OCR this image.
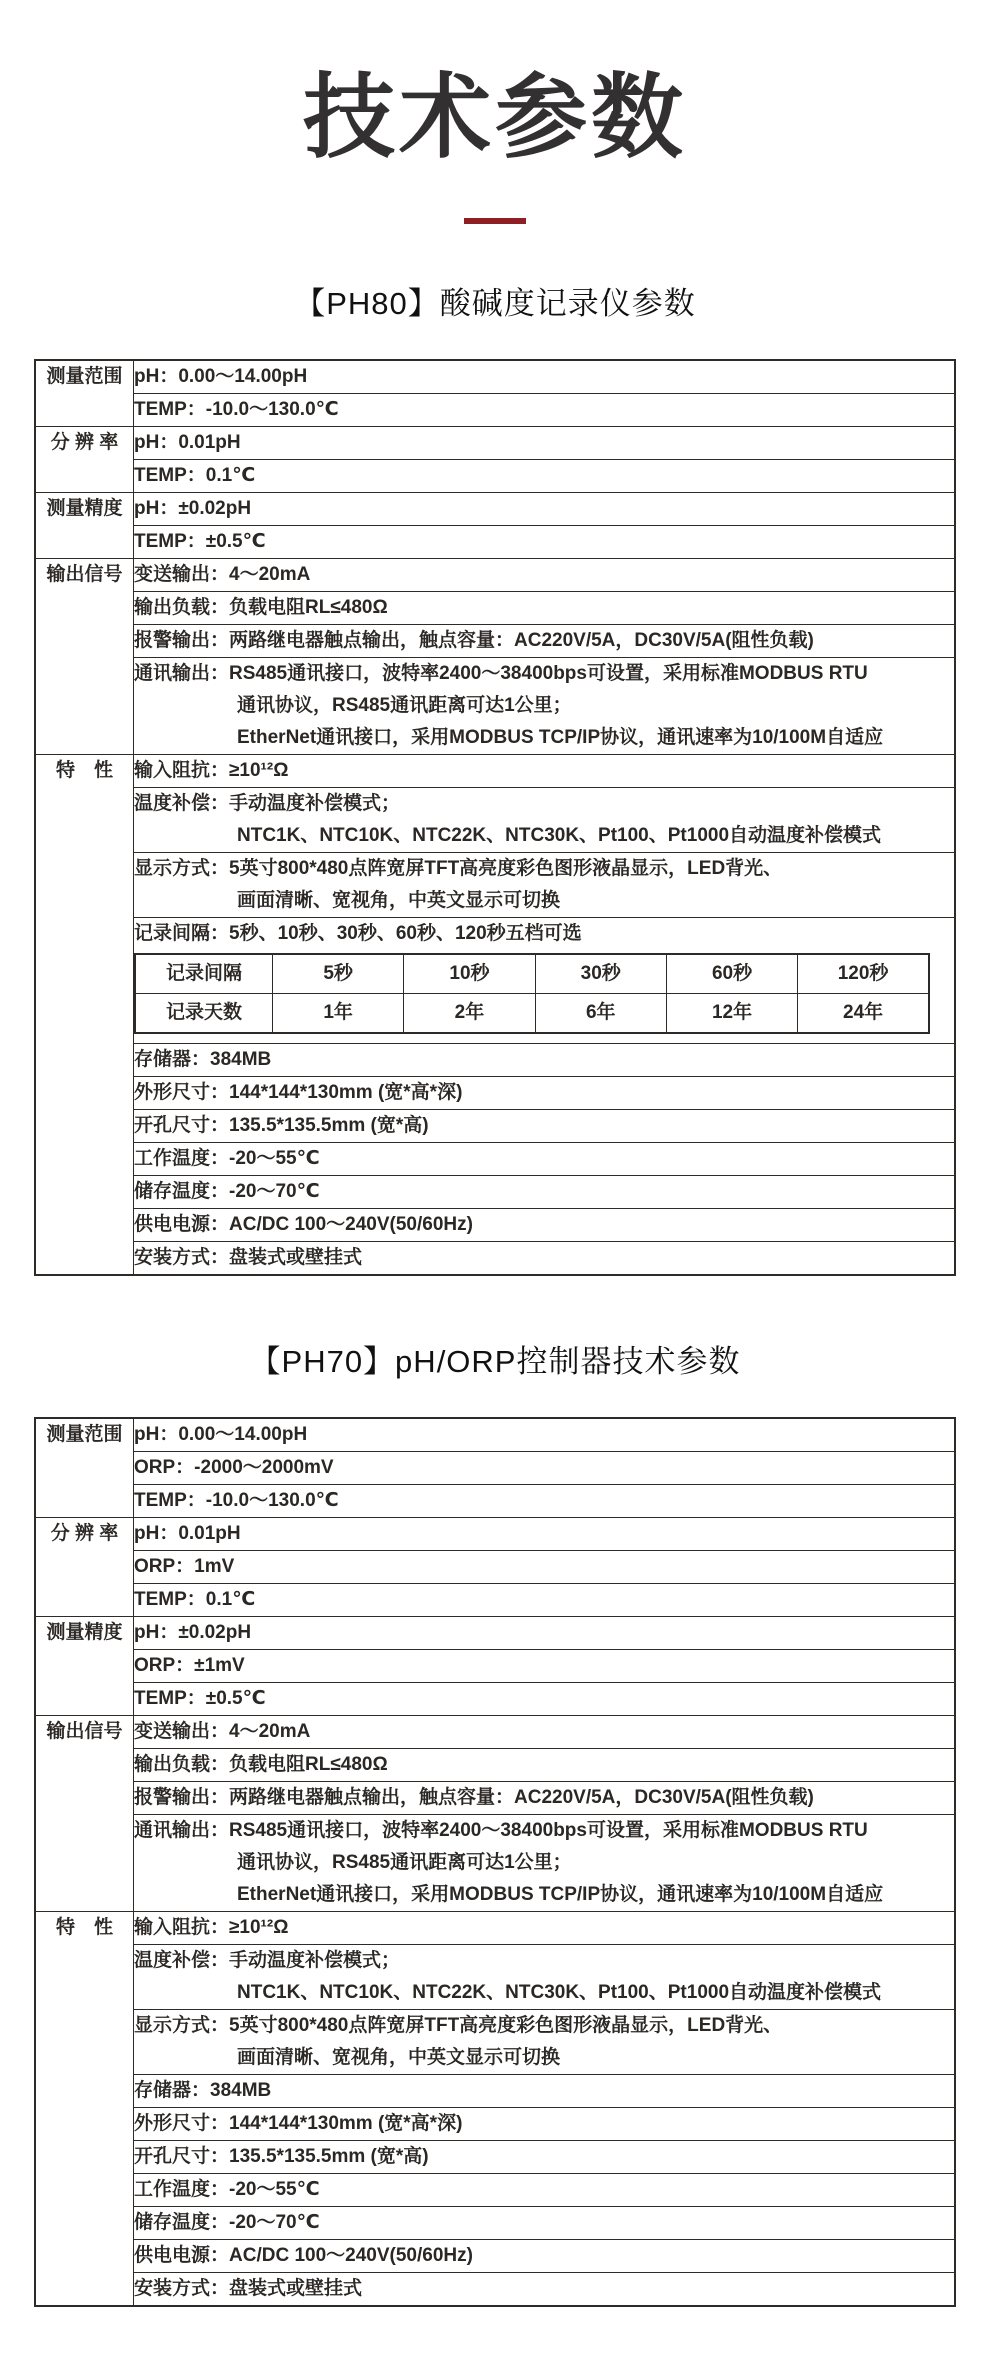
技术参数
【PH80】酸碱度记录仪参数
测量范围	pH：0.00～14.00pH

TEMP：-10.0～130.0℃

分 辨 率	pH：0.01pH

TEMP：0.1℃

测量精度	pH：±0.02pH

TEMP：±0.5℃

输出信号	变送输出：4～20mA

输出负载：负载电阻RL≤480Ω

报警输出：两路继电器触点输出，触点容量：AC220V/5A，DC30V/5A(阻性负载)

通讯输出：RS485通讯接口，波特率2400～38400bps可设置，采用标准MODBUS RTU
通讯协议，RS485通讯距离可达1公里；
EtherNet通讯接口，采用MODBUS TCP/IP协议，通讯速率为10/100M自适应

特　性	输入阻抗：≥10¹²Ω

温度补偿：手动温度补偿模式；
NTC1K、NTC10K、NTC22K、NTC30K、Pt100、Pt1000自动温度补偿模式

显示方式：5英寸800*480点阵宽屏TFT高亮度彩色图形液晶显示，LED背光、
画面清晰、宽视角，中英文显示可切换

记录间隔：5秒、10秒、30秒、60秒、120秒五档可选
记录间隔	5秒	10秒	30秒	60秒	120秒
记录天数	1年	2年	6年	12年	24年

存储器：384MB

外形尺寸：144*144*130mm (宽*高*深)

开孔尺寸：135.5*135.5mm (宽*高)

工作温度：-20～55℃

储存温度：-20～70℃

供电电源：AC/DC 100～240V(50/60Hz)

安装方式：盘装式或壁挂式
【PH70】pH/ORP控制器技术参数
测量范围	pH：0.00～14.00pH

	ORP：-2000～2000mV

	TEMP：-10.0～130.0℃

分 辨 率	pH：0.01pH

	ORP：1mV

	TEMP：0.1℃

测量精度	pH：±0.02pH

	ORP：±1mV

	TEMP：±0.5℃

输出信号	变送输出：4～20mA

	输出负载：负载电阻RL≤480Ω

	报警输出：两路继电器触点输出，触点容量：AC220V/5A，DC30V/5A(阻性负载)

	通讯输出：RS485通讯接口，波特率2400～38400bps可设置，采用标准MODBUS RTU
通讯协议，RS485通讯距离可达1公里；
EtherNet通讯接口，采用MODBUS TCP/IP协议，通讯速率为10/100M自适应

特　性	输入阻抗：≥10¹²Ω

	温度补偿：手动温度补偿模式；
NTC1K、NTC10K、NTC22K、NTC30K、Pt100、Pt1000自动温度补偿模式

	显示方式：5英寸800*480点阵宽屏TFT高亮度彩色图形液晶显示，LED背光、
画面清晰、宽视角，中英文显示可切换

	存储器：384MB

	外形尺寸：144*144*130mm (宽*高*深)

	开孔尺寸：135.5*135.5mm (宽*高)

	工作温度：-20～55℃

	储存温度：-20～70℃

	供电电源：AC/DC 100～240V(50/60Hz)

	安装方式：盘装式或壁挂式
